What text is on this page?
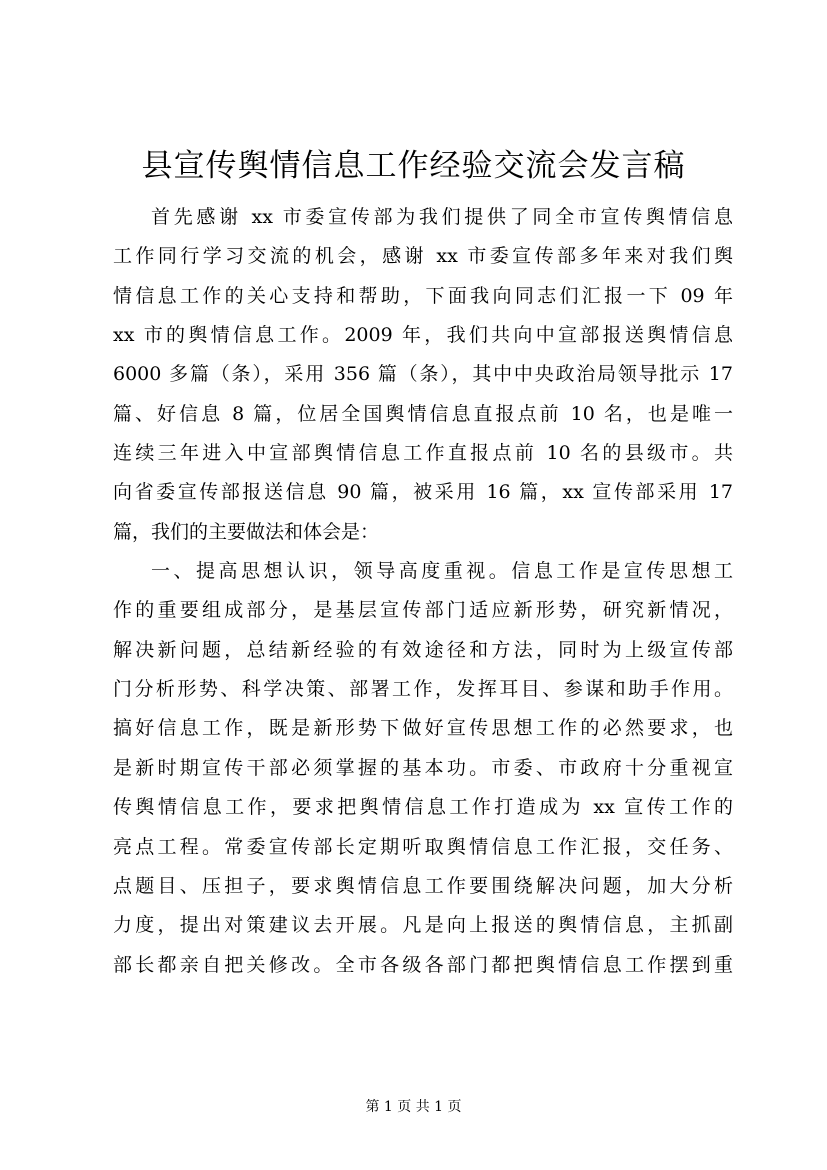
县宣传舆情信息工作经验交流会发言稿
首先感谢 xx 市委宣传部为我们提供了同全市宣传舆情信息
工作同行学习交流的机会，感谢 xx 市委宣传部多年来对我们舆
情信息工作的关心支持和帮助，下面我向同志们汇报一下 09 年
xx 市的舆情信息工作。2009 年，我们共向中宣部报送舆情信息
6000 多篇（条），采用 356 篇（条），其中中央政治局领导批示 17
篇、好信息 8 篇，位居全国舆情信息直报点前 10 名，也是唯一
连续三年进入中宣部舆情信息工作直报点前 10 名的县级市。共
向省委宣传部报送信息 90 篇，被采用 16 篇，xx 宣传部采用 17
篇，我们的主要做法和体会是：
一、提高思想认识，领导高度重视。信息工作是宣传思想工
作的重要组成部分，是基层宣传部门适应新形势，研究新情况，
解决新问题，总结新经验的有效途径和方法，同时为上级宣传部
门分析形势、科学决策、部署工作，发挥耳目、参谋和助手作用。
搞好信息工作，既是新形势下做好宣传思想工作的必然要求，也
是新时期宣传干部必须掌握的基本功。市委、市政府十分重视宣
传舆情信息工作，要求把舆情信息工作打造成为 xx 宣传工作的
亮点工程。常委宣传部长定期听取舆情信息工作汇报，交任务、
点题目、压担子，要求舆情信息工作要围绕解决问题，加大分析
力度，提出对策建议去开展。凡是向上报送的舆情信息，主抓副
部长都亲自把关修改。全市各级各部门都把舆情信息工作摆到重
第 1 页 共 1 页
